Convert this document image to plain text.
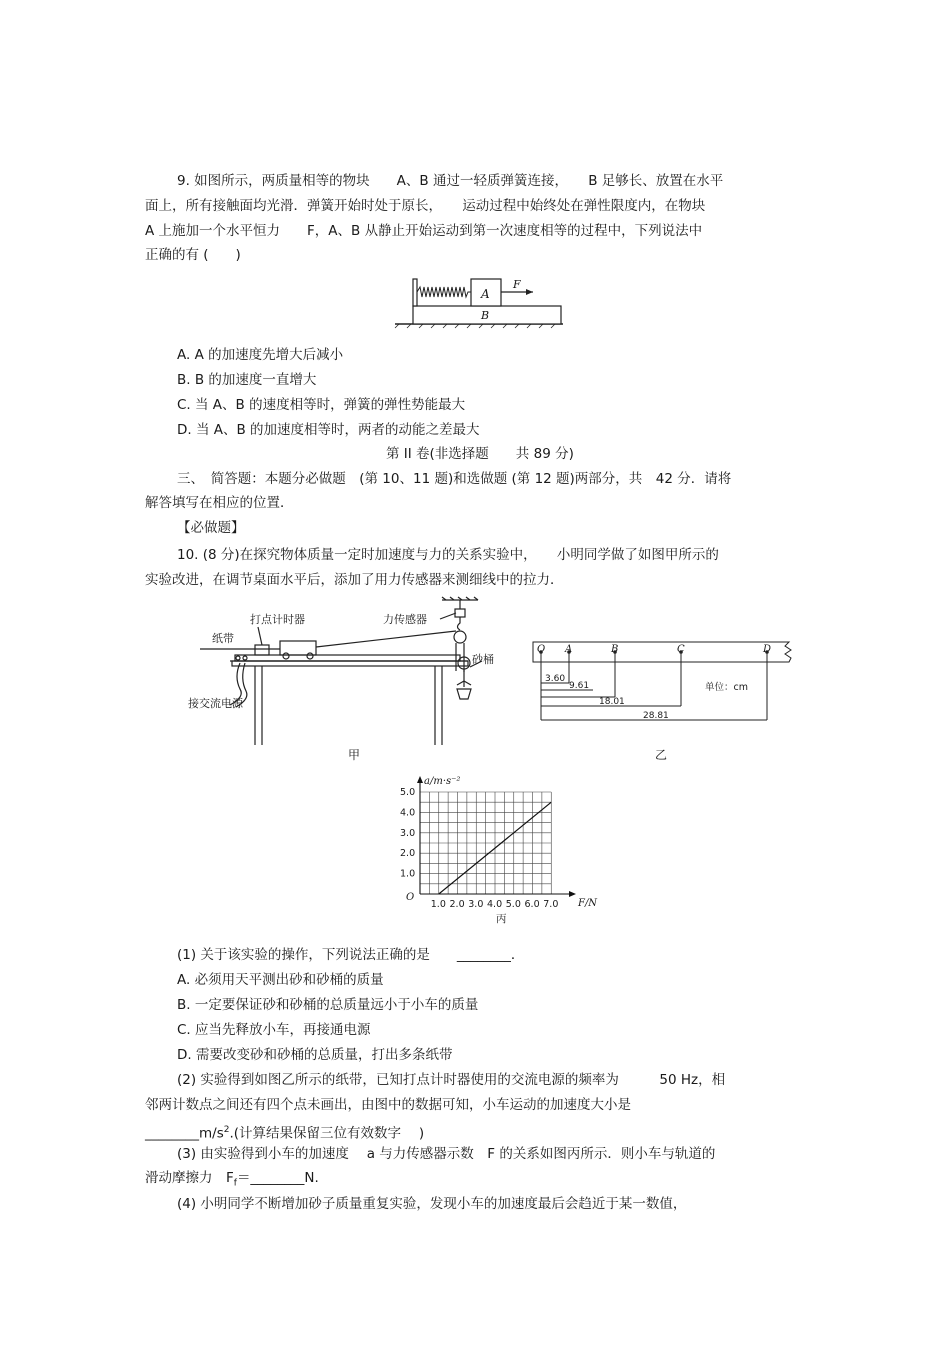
9. 如图所示，两质量相等的物块　　A、B 通过一轻质弹簧连接，　　B 足够长、放置在水平
面上，所有接触面均光滑．弹簧开始时处于原长，　　运动过程中始终处在弹性限度内，在物块
A 上施加一个水平恒力　　F，A、B 从静止开始运动到第一次速度相等的过程中，下列说法中
正确的有 (　　)
A
F
B
A. A 的加速度先增大后减小
B. B 的加速度一直增大
C. 当 A、B 的速度相等时，弹簧的弹性势能最大
D. 当 A、B 的加速度相等时，两者的动能之差最大
第 II 卷(非选择题　　共 89 分)
三、　简答题：本题分必做题　(第 10、11 题)和选做题 (第 12 题)两部分，共　42 分．请将
解答填写在相应的位置．
【必做题】
10. (8 分)在探究物体质量一定时加速度与力的关系实验中，　　小明同学做了如图甲所示的
实验改进，在调节桌面水平后，添加了用力传感器来测细线中的拉力．
打点计时器
纸带
力传感器
砂桶
接交流电源
甲
O A	B	C	D
3.60
9.61
18.01
28.81
单位：cm
乙
a/m·s⁻²
F/N
O
丙
1.0 2.0 3.0 4.0 5.0 6.0 7.0
1.0
2.0
3.0
4.0
5.0
(1) 关于该实验的操作，下列说法正确的是　　________．
A. 必须用天平测出砂和砂桶的质量
B. 一定要保证砂和砂桶的总质量远小于小车的质量
C. 应当先释放小车，再接通电源
D. 需要改变砂和砂桶的总质量，打出多条纸带
(2) 实验得到如图乙所示的纸带，已知打点计时器使用的交流电源的频率为　　　50 Hz，相
邻两计数点之间还有四个点未画出，由图中的数据可知，小车运动的加速度大小是
$\_\_\_\_\_\_\_\_m/s^2$.(计算结果保留三位有效数字　 )
(3) 由实验得到小车的加速度　 a 与力传感器示数　F 的关系如图丙所示．则小车与轨道的
滑动摩擦力　$F_f=\_\_\_\_\_\_\_\_N$.
(4) 小明同学不断增加砂子质量重复实验，发现小车的加速度最后会趋近于某一数值，
